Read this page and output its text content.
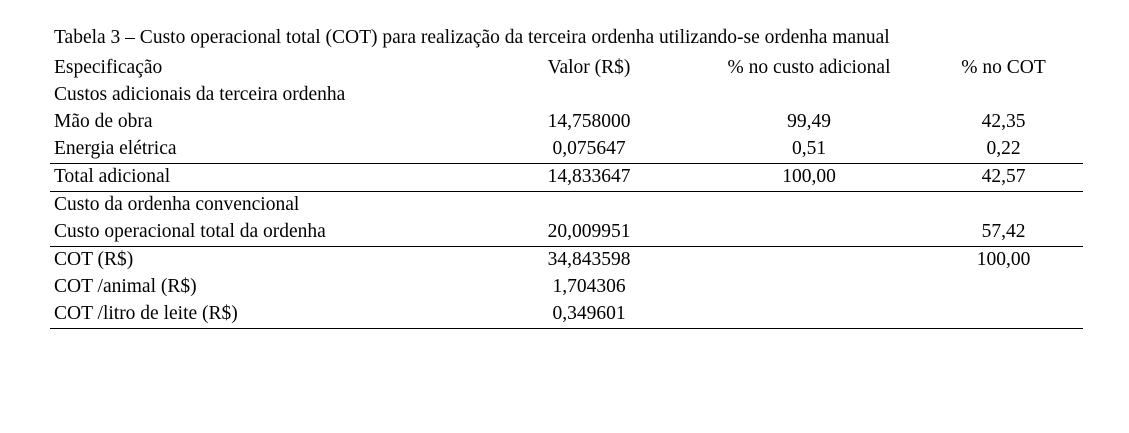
Tabela 3 – Custo operacional total (COT) para realização da terceira ordenha utilizando-se ordenha manual
Especificação	Valor (R$)	% no custo adicional	% no COT
Custos adicionais da terceira ordenha			
Mão de obra	14,758000	99,49	42,35
Energia elétrica	0,075647	0,51	0,22
Total adicional	14,833647	100,00	42,57
Custo da ordenha convencional			
Custo operacional total da ordenha	20,009951		57,42
COT (R$)	34,843598		100,00
COT /animal (R$)	1,704306		
COT /litro de leite (R$)	0,349601		
